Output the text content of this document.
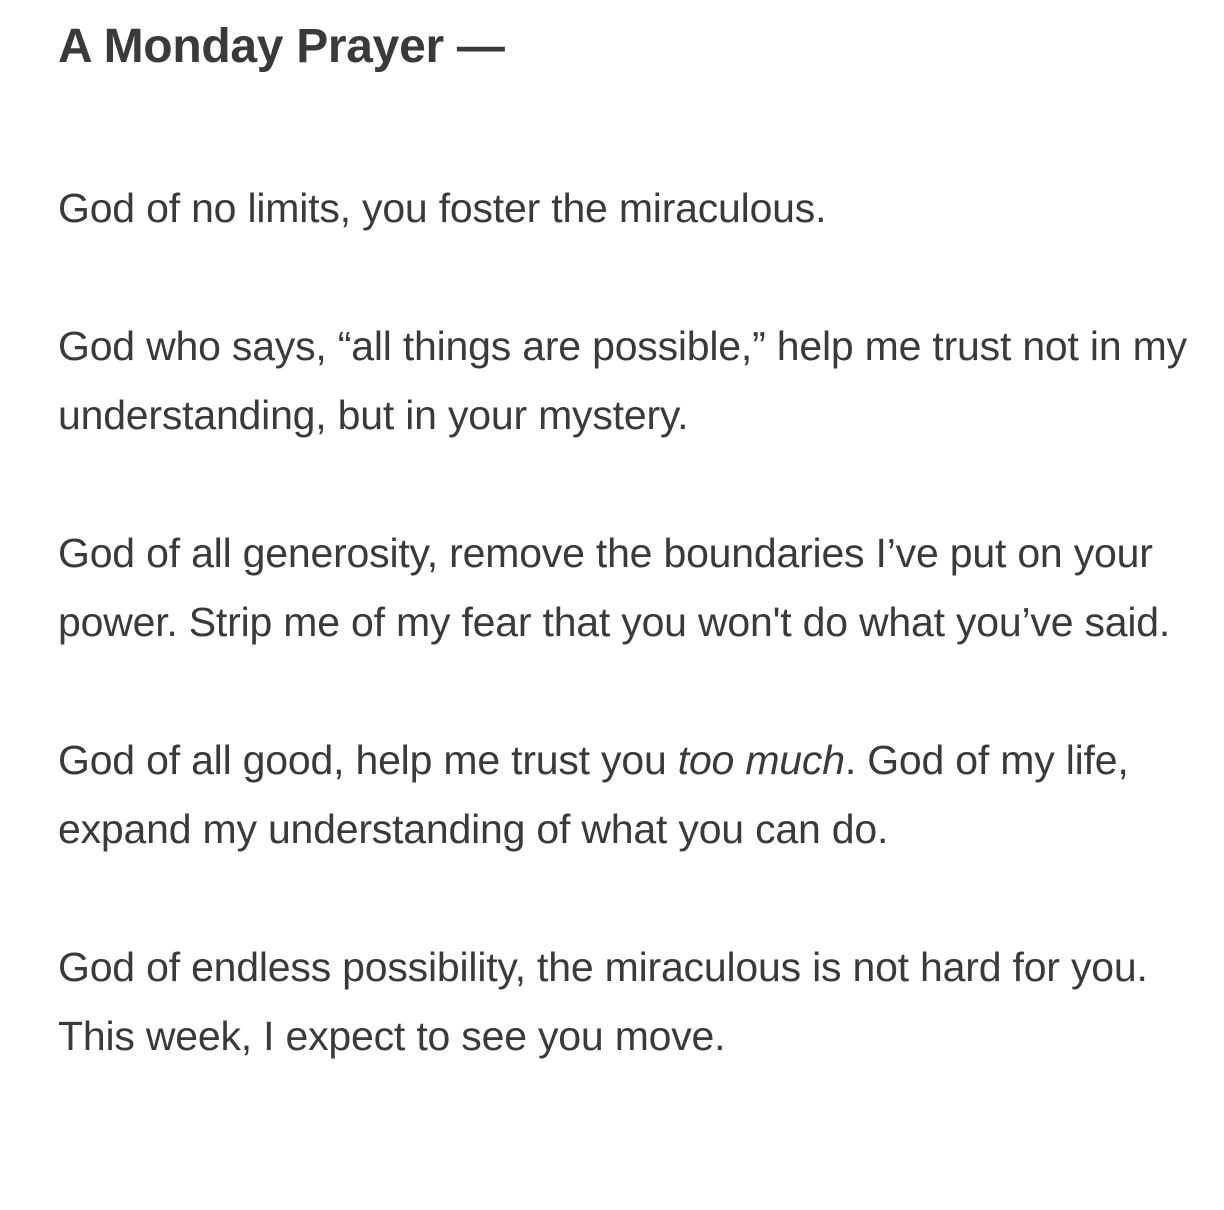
A Monday Prayer —

God of no limits, you foster the miraculous.

God who says, “all things are possible,” help me trust not in my understanding, but in your mystery.

God of all generosity, remove the boundaries I’ve put on your power. Strip me of my fear that you won't do what you’ve said.

God of all good, help me trust you too much. God of my life, expand my understanding of what you can do.

God of endless possibility, the miraculous is not hard for you. This week, I expect to see you move.
